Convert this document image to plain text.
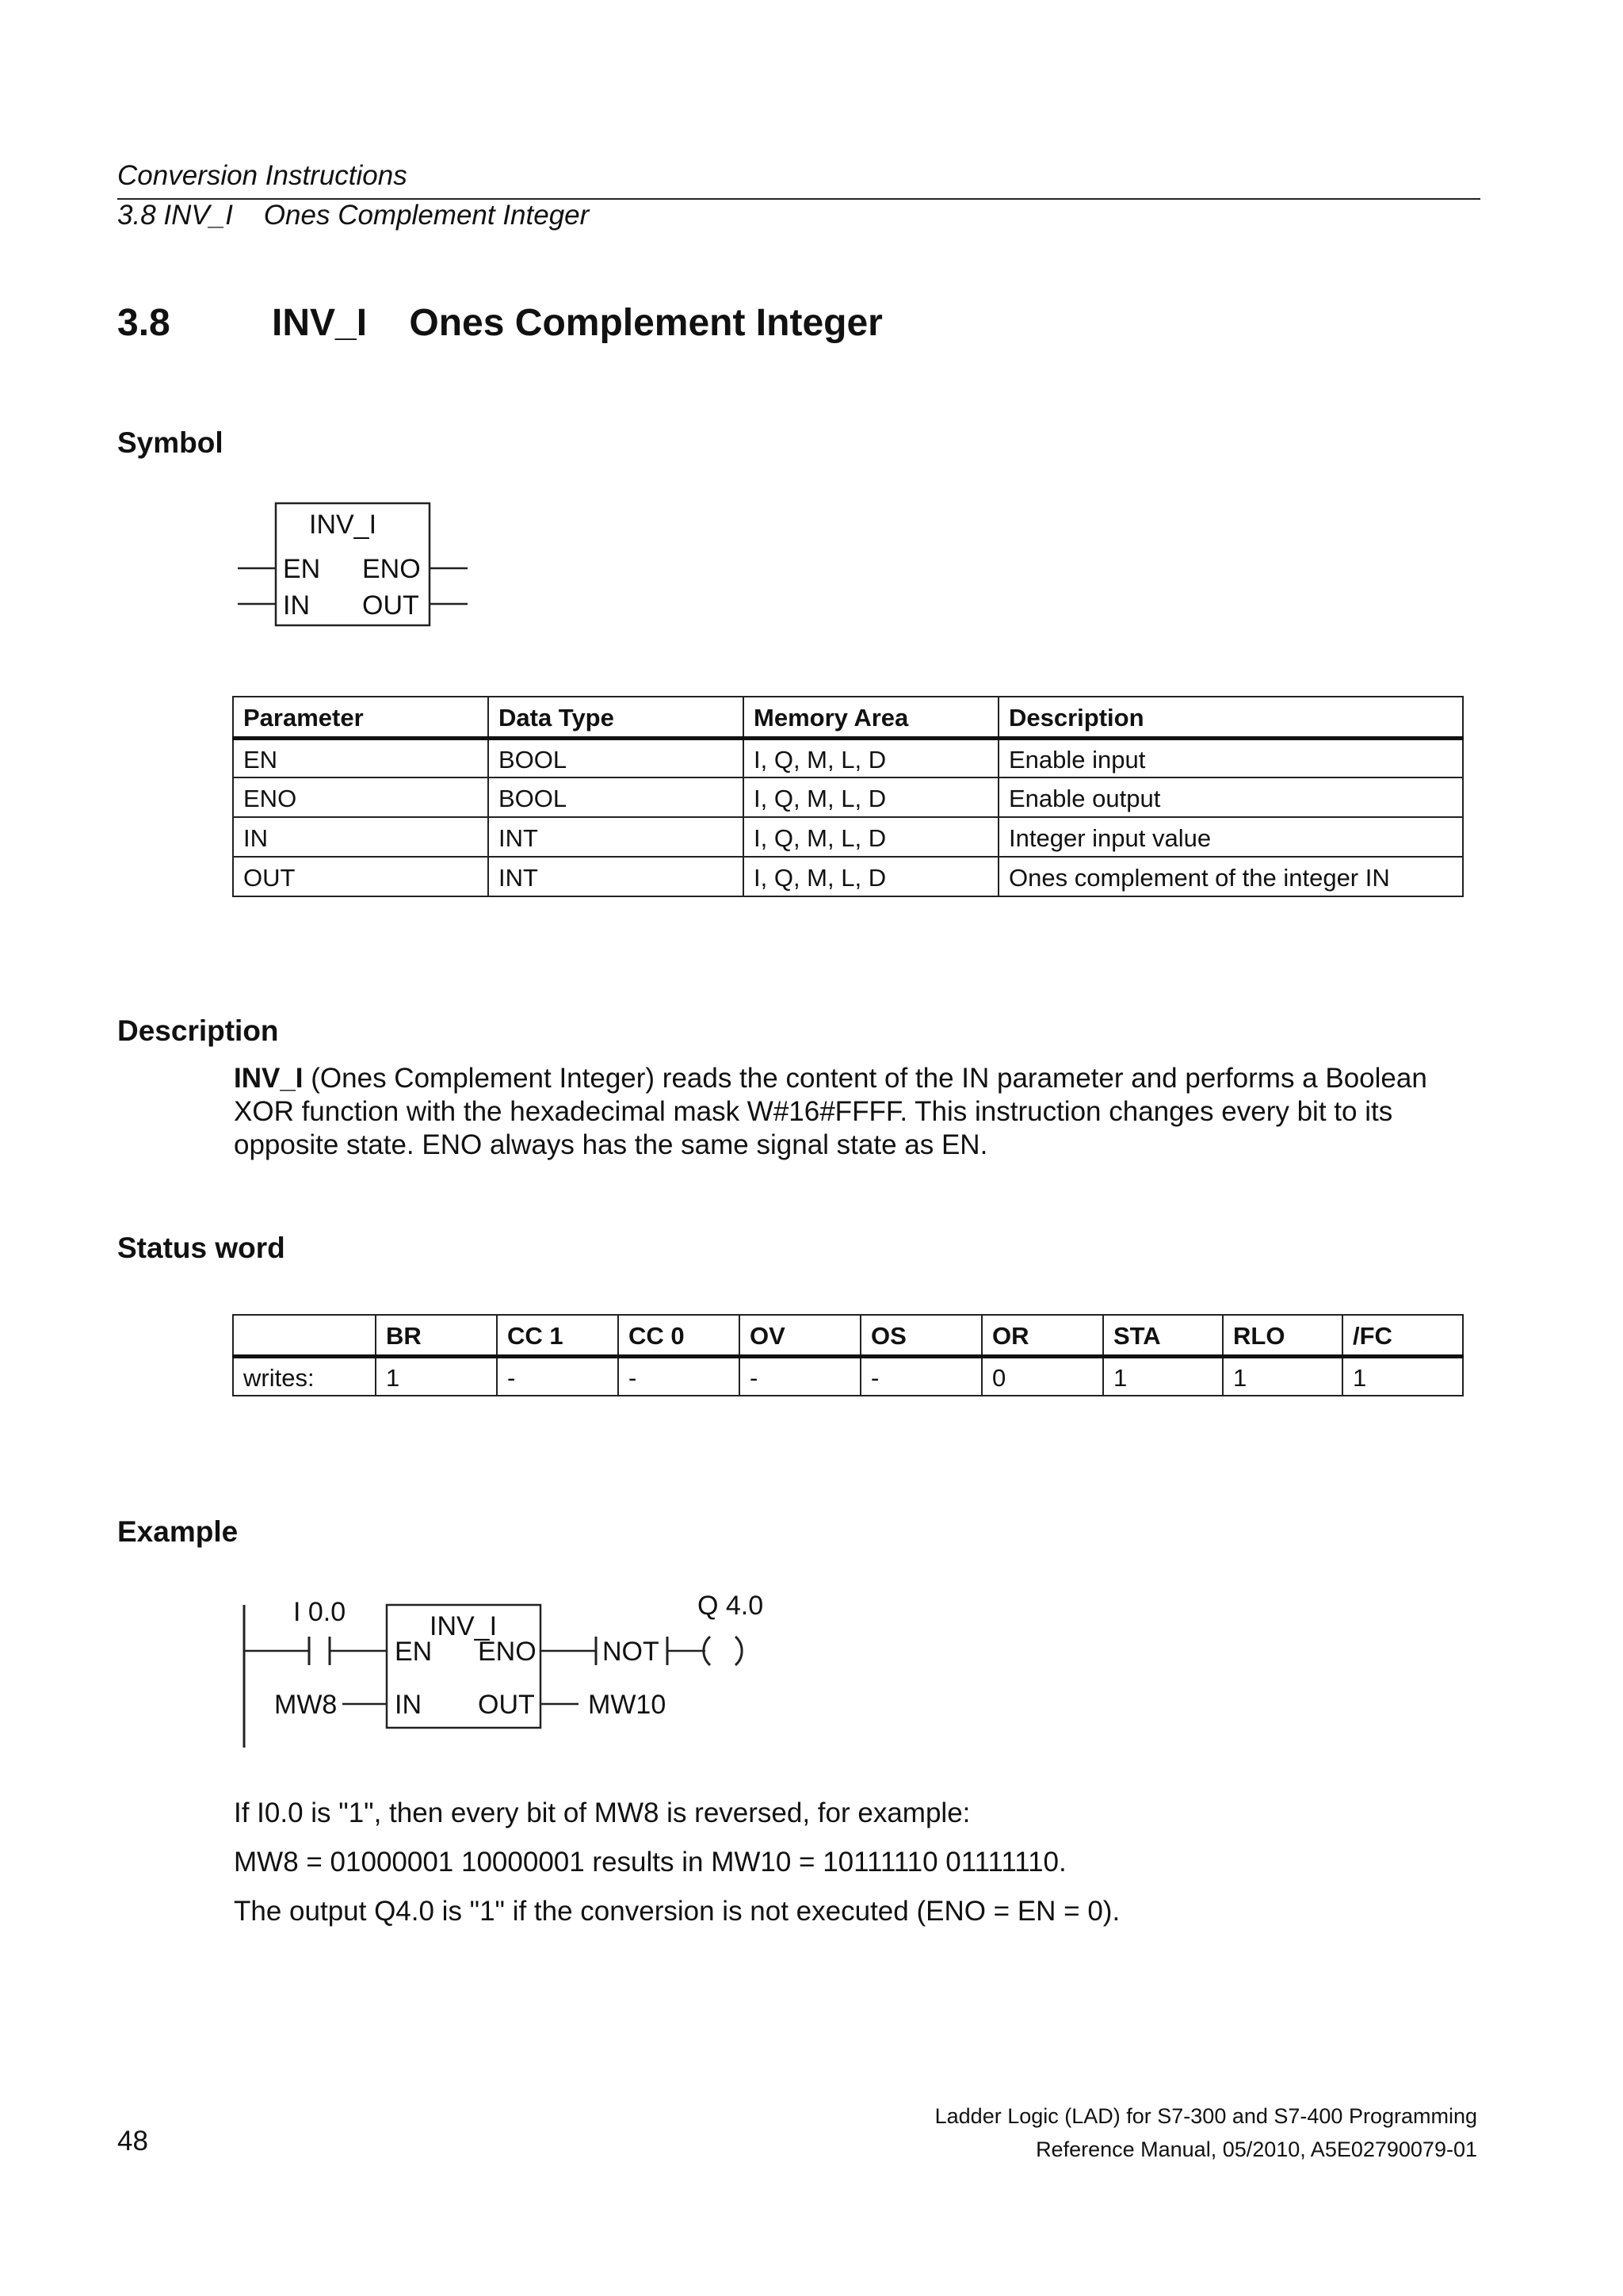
Conversion Instructions
3.8 INV_I    Ones Complement Integer
3.8	INV_I    Ones Complement Integer
Symbol
INV_I
EN ENO
IN OUT
Parameter	Data Type	Memory Area	Description
EN	BOOL	I, Q, M, L, D	Enable input
ENO	BOOL	I, Q, M, L, D	Enable output
IN	INT	I, Q, M, L, D	Integer input value
OUT	INT	I, Q, M, L, D	Ones complement of the integer IN
Description
INV_I (Ones Complement Integer) reads the content of the IN parameter and performs a Boolean XOR function with the hexadecimal mask W#16#FFFF. This instruction changes every bit to its opposite state. ENO always has the same signal state as EN.
Status word
	BR	CC 1	CC 0	OV	OS	OR	STA	RLO	/FC
writes:	1	-	-	-	-	0	1	1	1
Example
I 0.0	INV_I
EN ENO
IN OUT
MW8
NOT
Q 4.0
MW10
If I0.0 is "1", then every bit of MW8 is reversed, for example:
MW8 = 01000001 10000001 results in MW10 = 10111110 01111110.
The output Q4.0 is "1" if the conversion is not executed (ENO = EN = 0).
48
Ladder Logic (LAD) for S7-300 and S7-400 Programming
Reference Manual, 05/2010, A5E02790079-01
